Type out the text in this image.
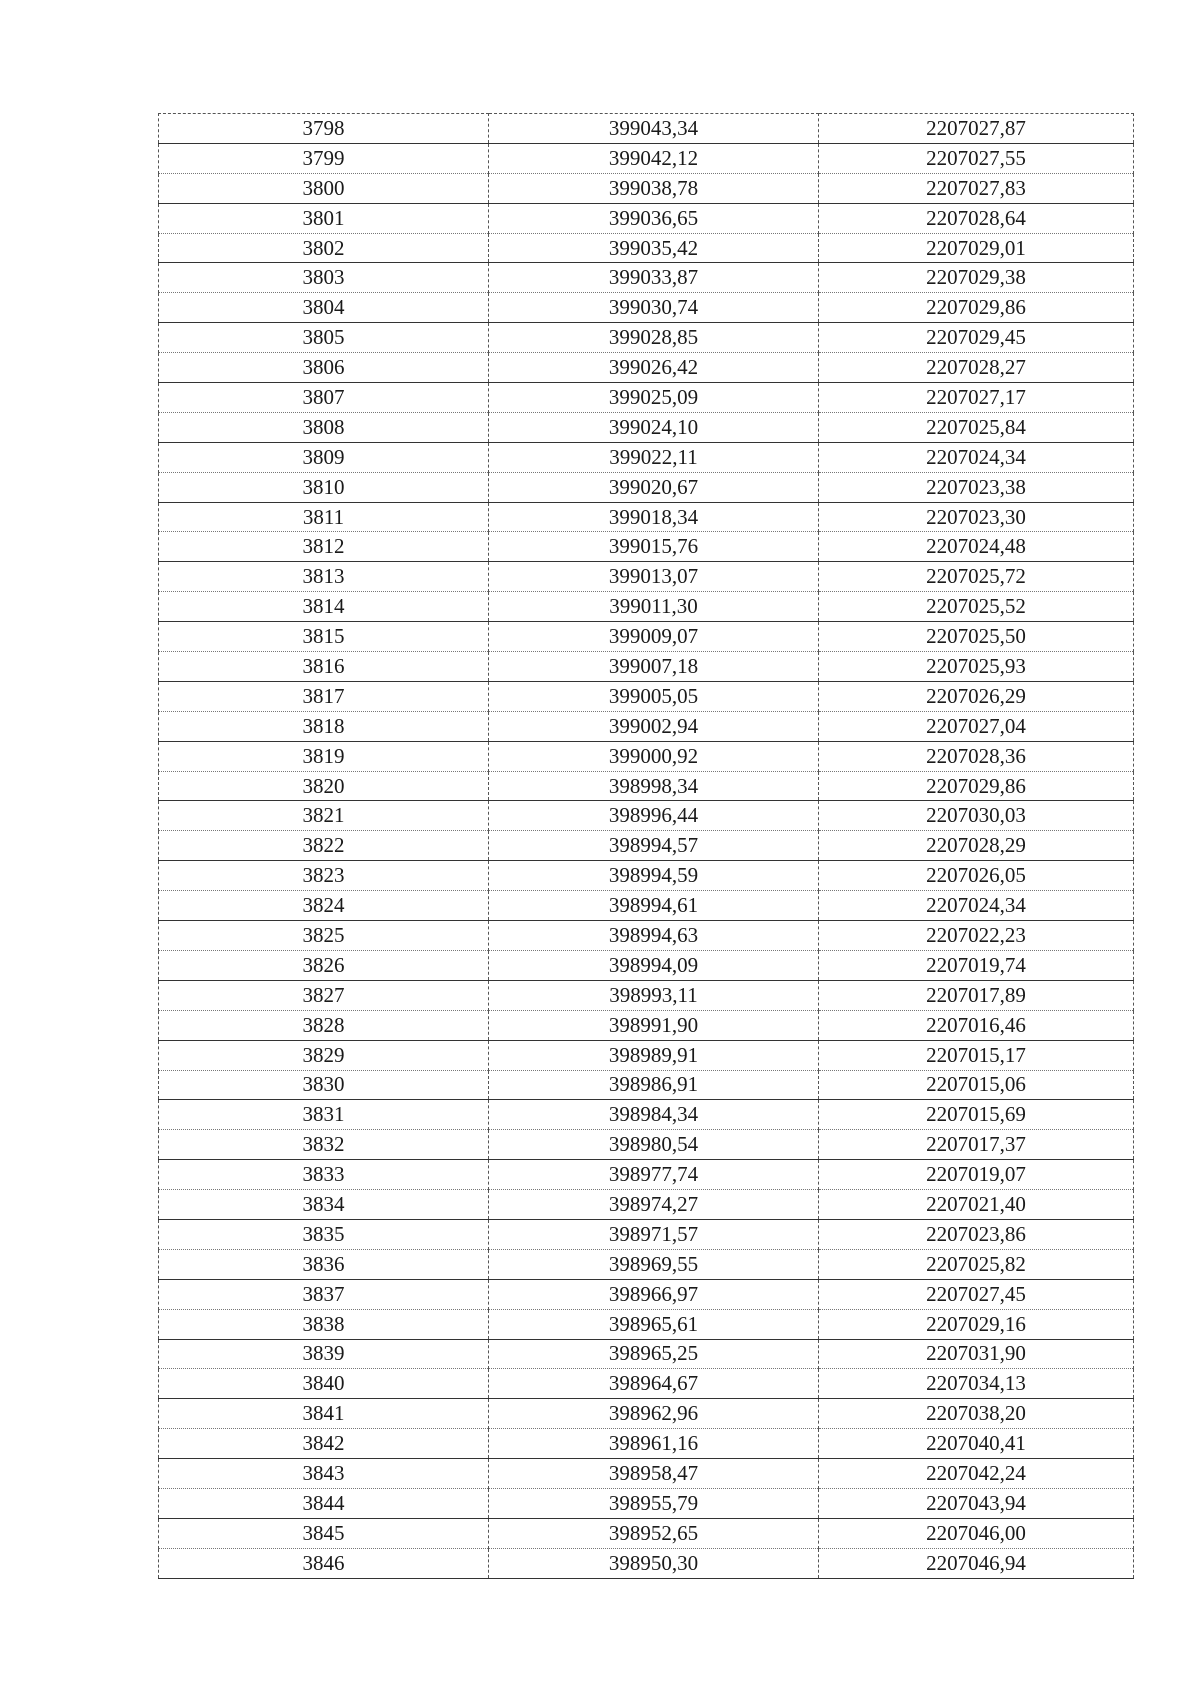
3798	399043,34	2207027,87
3799	399042,12	2207027,55
3800	399038,78	2207027,83
3801	399036,65	2207028,64
3802	399035,42	2207029,01
3803	399033,87	2207029,38
3804	399030,74	2207029,86
3805	399028,85	2207029,45
3806	399026,42	2207028,27
3807	399025,09	2207027,17
3808	399024,10	2207025,84
3809	399022,11	2207024,34
3810	399020,67	2207023,38
3811	399018,34	2207023,30
3812	399015,76	2207024,48
3813	399013,07	2207025,72
3814	399011,30	2207025,52
3815	399009,07	2207025,50
3816	399007,18	2207025,93
3817	399005,05	2207026,29
3818	399002,94	2207027,04
3819	399000,92	2207028,36
3820	398998,34	2207029,86
3821	398996,44	2207030,03
3822	398994,57	2207028,29
3823	398994,59	2207026,05
3824	398994,61	2207024,34
3825	398994,63	2207022,23
3826	398994,09	2207019,74
3827	398993,11	2207017,89
3828	398991,90	2207016,46
3829	398989,91	2207015,17
3830	398986,91	2207015,06
3831	398984,34	2207015,69
3832	398980,54	2207017,37
3833	398977,74	2207019,07
3834	398974,27	2207021,40
3835	398971,57	2207023,86
3836	398969,55	2207025,82
3837	398966,97	2207027,45
3838	398965,61	2207029,16
3839	398965,25	2207031,90
3840	398964,67	2207034,13
3841	398962,96	2207038,20
3842	398961,16	2207040,41
3843	398958,47	2207042,24
3844	398955,79	2207043,94
3845	398952,65	2207046,00
3846	398950,30	2207046,94
